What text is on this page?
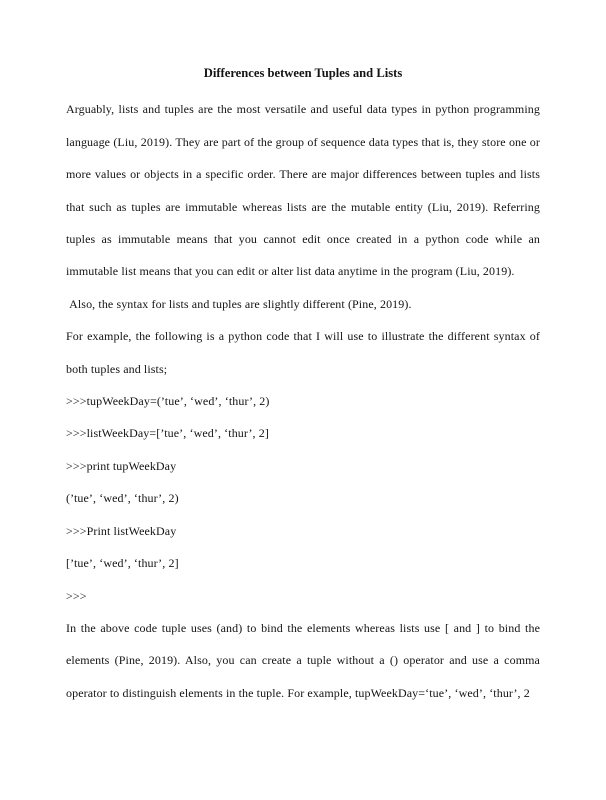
Differences between Tuples and Lists
Arguably, lists and tuples are the most versatile and useful data types in python programming
language (Liu, 2019). They are part of the group of sequence data types that is, they store one or
more values or objects in a specific order. There are major differences between tuples and lists
that such as tuples are immutable whereas lists are the mutable entity (Liu, 2019). Referring
tuples as immutable means that you cannot edit once created in a python code while an
immutable list means that you can edit or alter list data anytime in the program (Liu, 2019).
Also, the syntax for lists and tuples are slightly different (Pine, 2019).
For example, the following is a python code that I will use to illustrate the different syntax of
both tuples and lists;
>>>tupWeekDay=(’tue’, ‘wed’, ‘thur’, 2)
>>>listWeekDay=[’tue’, ‘wed’, ‘thur’, 2]
>>>print tupWeekDay
(’tue’, ‘wed’, ‘thur’, 2)
>>>Print listWeekDay
[’tue’, ‘wed’, ‘thur’, 2]
>>>
In the above code tuple uses (and) to bind the elements whereas lists use [ and ] to bind the
elements (Pine, 2019). Also, you can create a tuple without a () operator and use a comma
operator to distinguish elements in the tuple. For example, tupWeekDay=‘tue’, ‘wed’, ‘thur’, 2
